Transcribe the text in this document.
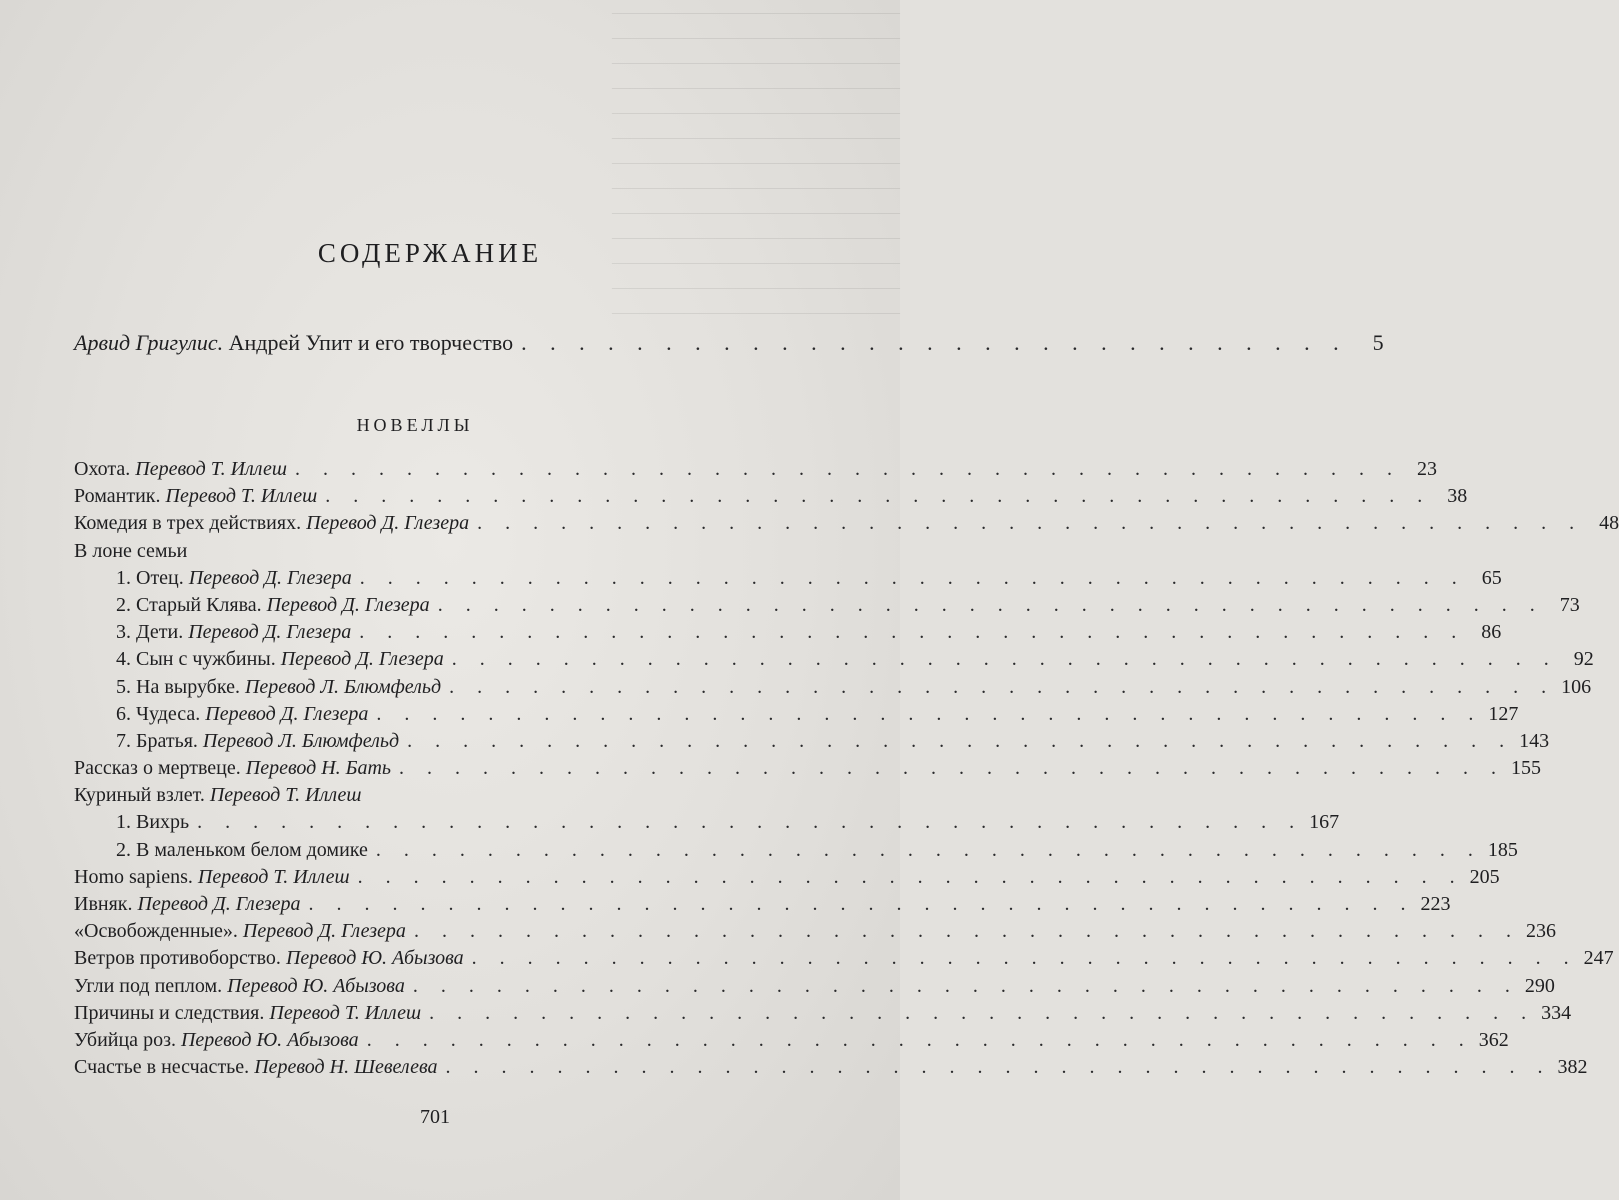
————————————————
————————————————
————————————————
————————————————
————————————————
————————————————
————————————————
————————————————
————————————————
————————————————
————————————————
————————————————
————————————————
СОДЕРЖАНИЕ
Арвид Григулис. Андрей Упит и его творчество . . . . . . . . . . . . . . . . . . . . . . . . . . . . .	5
НОВЕЛЛЫ
Охота. Перевод Т. Иллеш . . . . . . . . . . . . . . . . . . . . . . . . . . . . . . . . . . . . . . . . 23
Романтик. Перевод Т. Иллеш . . . . . . . . . . . . . . . . . . . . . . . . . . . . . . . . . . . . . . . . 38
Комедия в трех действиях. Перевод Д. Глезера . . . . . . . . . . . . . . . . . . . . . . . . . . . . . . . . . . . . . . . . 48
В лоне семьи
1. Отец. Перевод Д. Глезера . . . . . . . . . . . . . . . . . . . . . . . . . . . . . . . . . . . . . . . . 65
2. Старый Клява. Перевод Д. Глезера . . . . . . . . . . . . . . . . . . . . . . . . . . . . . . . . . . . . . . . . 73
3. Дети. Перевод Д. Глезера . . . . . . . . . . . . . . . . . . . . . . . . . . . . . . . . . . . . . . . . 86
4. Сын с чужбины. Перевод Д. Глезера . . . . . . . . . . . . . . . . . . . . . . . . . . . . . . . . . . . . . . . . 92
5. На вырубке. Перевод Л. Блюмфельд . . . . . . . . . . . . . . . . . . . . . . . . . . . . . . . . . . . . . . . . 106
6. Чудеса. Перевод Д. Глезера . . . . . . . . . . . . . . . . . . . . . . . . . . . . . . . . . . . . . . . . 127
7. Братья. Перевод Л. Блюмфельд . . . . . . . . . . . . . . . . . . . . . . . . . . . . . . . . . . . . . . . . 143
Рассказ о мертвеце. Перевод Н. Бать . . . . . . . . . . . . . . . . . . . . . . . . . . . . . . . . . . . . . . . . 155
Куриный взлет. Перевод Т. Иллеш
1. Вихрь . . . . . . . . . . . . . . . . . . . . . . . . . . . . . . . . . . . . . . . . 167
2. В маленьком белом домике . . . . . . . . . . . . . . . . . . . . . . . . . . . . . . . . . . . . . . . . 185
Homo sapiens. Перевод Т. Иллеш . . . . . . . . . . . . . . . . . . . . . . . . . . . . . . . . . . . . . . . . 205
Ивняк. Перевод Д. Глезера . . . . . . . . . . . . . . . . . . . . . . . . . . . . . . . . . . . . . . . . 223
«Освобожденные». Перевод Д. Глезера . . . . . . . . . . . . . . . . . . . . . . . . . . . . . . . . . . . . . . . . 236
Ветров противоборство. Перевод Ю. Абызова . . . . . . . . . . . . . . . . . . . . . . . . . . . . . . . . . . . . . . . . 247
Угли под пеплом. Перевод Ю. Абызова . . . . . . . . . . . . . . . . . . . . . . . . . . . . . . . . . . . . . . . . 290
Причины и следствия. Перевод Т. Иллеш . . . . . . . . . . . . . . . . . . . . . . . . . . . . . . . . . . . . . . . . 334
Убийца роз. Перевод Ю. Абызова . . . . . . . . . . . . . . . . . . . . . . . . . . . . . . . . . . . . . . . . 362
Счастье в несчастье. Перевод Н. Шевелева . . . . . . . . . . . . . . . . . . . . . . . . . . . . . . . . . . . . . . . . 382
701
